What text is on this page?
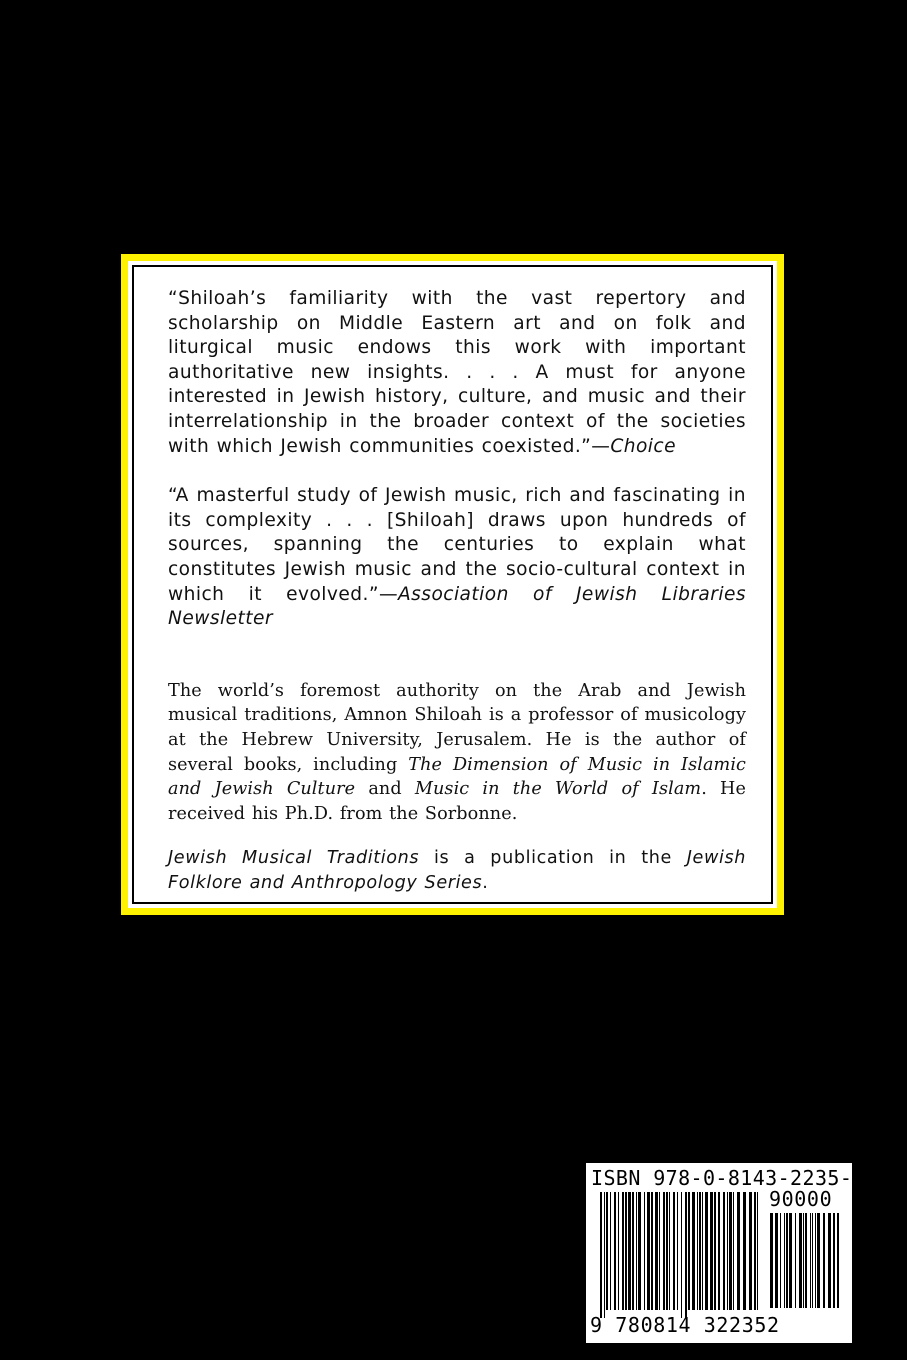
“Shiloah’s familiarity with the vast repertory and scholarship on Middle Eastern art and on folk and liturgical music endows this work with important authoritative new insights. . . . A must for anyone interested in Jewish history, culture, and music and their interrelationship in the broader context of the societies with which Jewish communities coexisted.”—Choice

“A masterful study of Jewish music, rich and fascinating in its complexity . . . [Shiloah] draws upon hundreds of sources, spanning the centuries to explain what constitutes Jewish music and the socio-cultural context in which it evolved.”—Association of Jewish Libraries Newsletter

The world’s foremost authority on the Arab and Jewish musical traditions, Amnon Shiloah is a professor of musicology at the Hebrew University, Jerusalem. He is the author of several books, including The Dimension of Music in Islamic and Jewish Culture and Music in the World of Islam. He received his Ph.D. from the Sorbonne.

Jewish Musical Traditions is a publication in the Jewish Folklore and Anthropology Series.

ISBN 978-0-8143-2235-2
90000
9 780814 322352
